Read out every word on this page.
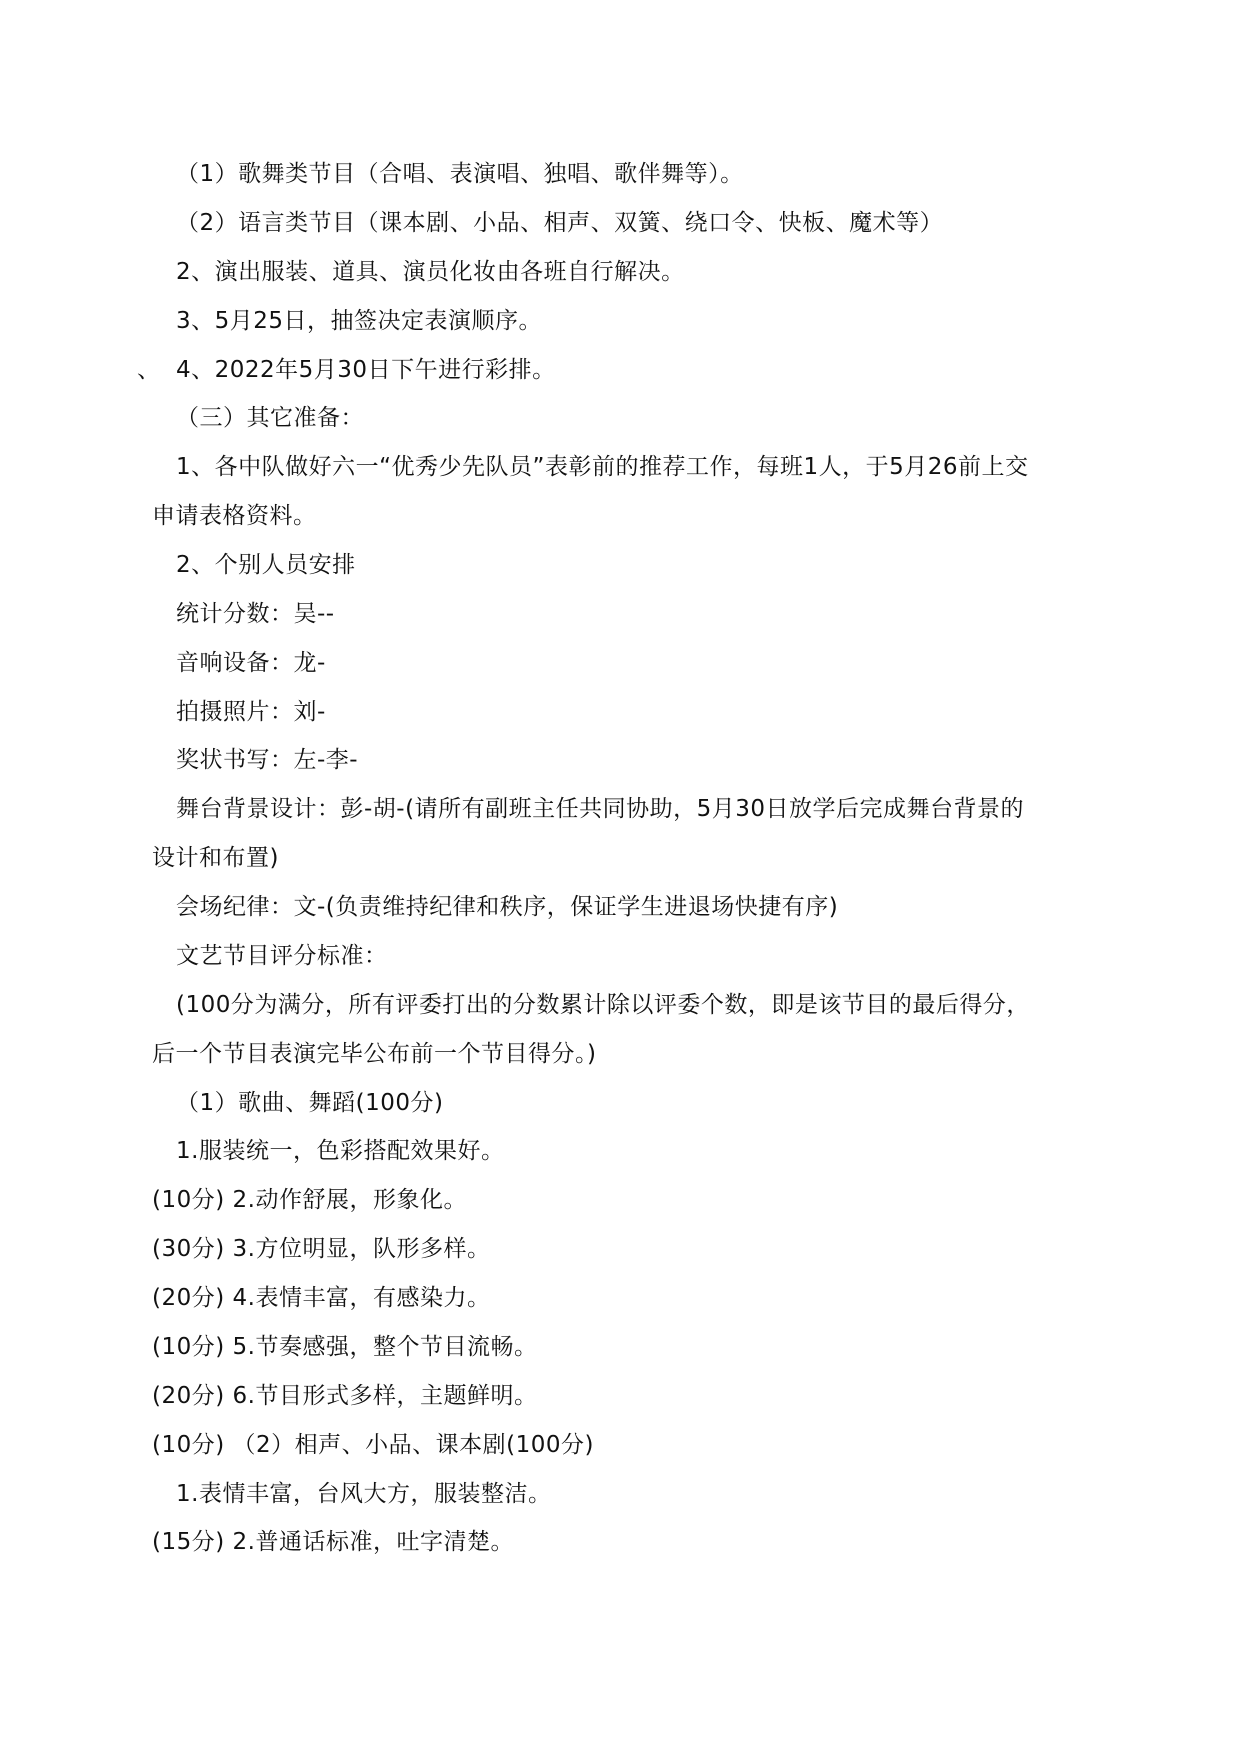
（1）歌舞类节目（合唱、表演唱、独唱、歌伴舞等）。
（2）语言类节目（课本剧、小品、相声、双簧、绕口令、快板、魔术等）
2、演出服装、道具、演员化妆由各班自行解决。
3、5月25日，抽签决定表演顺序。
、 4、2022年5月30日下午进行彩排。
（三）其它准备：
1、各中队做好六一“优秀少先队员”表彰前的推荐工作，每班1人，于5月26前上交
申请表格资料。
2、个别人员安排
统计分数：吴--
音响设备：龙-
拍摄照片：刘-
奖状书写：左-李-
舞台背景设计：彭-胡-(请所有副班主任共同协助，5月30日放学后完成舞台背景的
设计和布置)
会场纪律：文-(负责维持纪律和秩序，保证学生进退场快捷有序)
文艺节目评分标准：
(100分为满分，所有评委打出的分数累计除以评委个数，即是该节目的最后得分，
后一个节目表演完毕公布前一个节目得分。)
（1）歌曲、舞蹈(100分)
1.服装统一，色彩搭配效果好。
(10分) 2.动作舒展，形象化。
(30分) 3.方位明显，队形多样。
(20分) 4.表情丰富，有感染力。
(10分) 5.节奏感强，整个节目流畅。
(20分) 6.节目形式多样，主题鲜明。
(10分) （2）相声、小品、课本剧(100分)
1.表情丰富，台风大方，服装整洁。
(15分) 2.普通话标准，吐字清楚。
